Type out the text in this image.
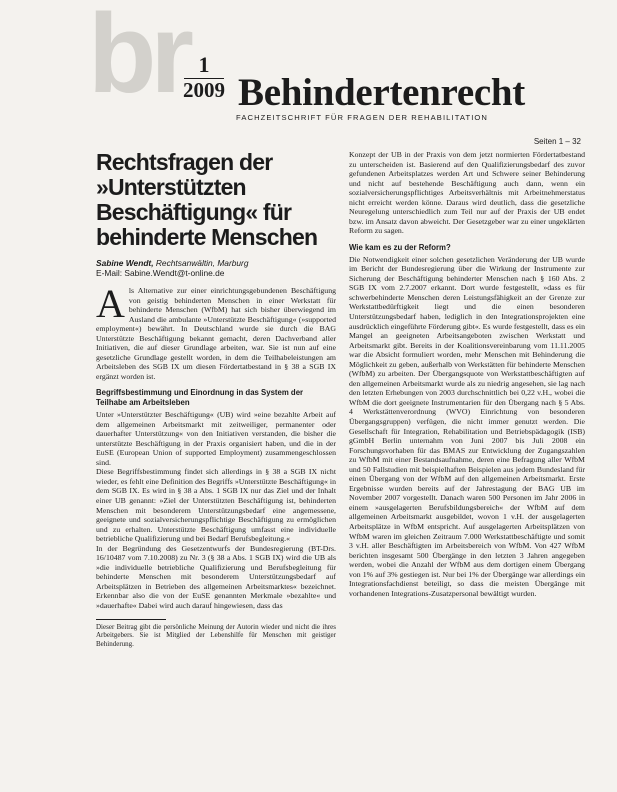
br 1
2009 Behindertenrecht
FACHZEITSCHRIFT FÜR FRAGEN DER REHABILITATION
Seiten 1 – 32
Rechtsfragen der »Unterstützten Beschäftigung« für behinderte Menschen

Sabine Wendt, Rechtsanwältin, Marburg

E-Mail: Sabine.Wendt@t-online.de

Als Alternative zur einer einrichtungsgebundenen Beschäftigung von geistig behinderten Menschen in einer Werkstatt für behinderte Menschen (WfbM) hat sich bisher überwiegend im Ausland die ambulante »Unterstützte Beschäftigung« (»supported employment«) bewährt. In Deutschland wurde sie durch die BAG Unterstützte Beschäftigung bekannt gemacht, deren Dachverband aller Initiativen, die auf dieser Grundlage arbeiten, war. Sie ist nun auf eine gesetzliche Grundlage gestellt worden, in dem die Teilhabeleistungen am Arbeitsleben des SGB IX um diesen Fördertatbestand in § 38 a SGB IX ergänzt worden ist.

Begriffsbestimmung und Einordnung in das System der Teilhabe am Arbeitsleben

Unter »Unterstützter Beschäftigung« (UB) wird »eine bezahlte Arbeit auf dem allgemeinen Arbeitsmarkt mit zeitweiliger, permanenter oder dauerhafter Unterstützung« von den Initiativen verstanden, die bisher die unterstützte Beschäftigung in der Praxis organisiert haben, und die in der EuSE (European Union of supported Employment) zusammengeschlossen sind.

Diese Begriffsbestimmung findet sich allerdings in § 38 a SGB IX nicht wieder, es fehlt eine Definition des Begriffs »Unterstützte Beschäftigung« in dem SGB IX. Es wird in § 38 a Abs. 1 SGB IX nur das Ziel und der Inhalt einer UB genannt: »Ziel der Unterstützten Beschäftigung ist, behinderten Menschen mit besonderem Unterstützungsbedarf eine angemessene, geeignete und sozialversicherungspflichtige Beschäftigung zu ermöglichen und zu erhalten. Unterstützte Beschäftigung umfasst eine individuelle betriebliche Qualifizierung und bei Bedarf Berufsbegleitung.«

In der Begründung des Gesetzentwurfs der Bundesregierung (BT-Drs. 16/10487 vom 7.10.2008) zu Nr. 3 (§ 38 a Abs. 1 SGB IX) wird die UB als »die individuelle betriebliche Qualifizierung und Berufsbegleitung für behinderte Menschen mit besonderem Unterstützungsbedarf auf Arbeitsplätzen in Betrieben des allgemeinen Arbeitsmarktes« bezeichnet. Erkennbar also die von der EuSE genannten Merkmale »bezahlte« und »dauerhafte« Dabei wird auch darauf hingewiesen, dass das

Dieser Beitrag gibt die persönliche Meinung der Autorin wieder und nicht die ihres Arbeitgebers. Sie ist Mitglied der Lebenshilfe für Menschen mit geistiger Behinderung.

Konzept der UB in der Praxis von dem jetzt normierten Fördertatbestand zu unterscheiden ist. Basierend auf den Qualifizierungsbedarf des zuvor gefundenen Arbeitsplatzes werden Art und Schwere seiner Behinderung und nicht auf bestehende Beschäftigung auch dann, wenn ein sozialversicherungspflichtiges Arbeitsverhältnis mit Arbeitnehmerstatus nicht erreicht werden könne. Daraus wird deutlich, dass die gesetzliche Neuregelung unterschiedlich zum Teil nur auf der Praxis der UB endet bzw. im Ansatz davon abweicht. Der Gesetzgeber war zu einer ungeklärten Reform zu sagen.

Wie kam es zu der Reform?

Die Notwendigkeit einer solchen gesetzlichen Veränderung der UB wurde im Bericht der Bundesregierung über die Wirkung der Instrumente zur Sicherung der Beschäftigung behinderter Menschen nach § 160 Abs. 2 SGB IX vom 2.7.2007 erkannt. Dort wurde festgestellt, »dass es für schwerbehinderte Menschen deren Leistungsfähigkeit an der Grenze zur Werkstattbedürftigkeit liegt und die einen besonderen Unterstützungsbedarf haben, lediglich in den Integrationsprojekten eine ausdrücklich eingeführte Förderung gibt«. Es wurde festgestellt, dass es ein Mangel an geeigneten Arbeitsangeboten zwischen Werkstatt und Arbeitsmarkt gibt. Bereits in der Koalitionsvereinbarung vom 11.11.2005 war die Absicht formuliert worden, mehr Menschen mit Behinderung die Möglichkeit zu geben, außerhalb von Werkstätten für behinderte Menschen (WfbM) zu arbeiten. Der Übergangsquote von Werkstattbeschäftigten auf den allgemeinen Arbeitsmarkt wurde als zu niedrig angesehen, sie lag nach den letzten Erhebungen von 2003 durchschnittlich bei 0,22 v.H., wobei die WfbM die dort geeignete Instrumentarien für den Übergang nach § 5 Abs. 4 Werkstättenverordnung (WVO) Einrichtung von besonderen Übergangsgruppen) verfügen, die nicht immer genutzt werden. Die Gesellschaft für Integration, Rehabilitation und Betriebspädagogik (ISB) gGmbH Berlin unternahm von Juni 2007 bis Juli 2008 ein Forschungsvorhaben für das BMAS zur Entwicklung der Zugangszahlen zu WfbM mit einer Bestandsaufnahme, deren eine Befragung aller WfbM und 50 Fallstudien mit beispielhaften Beispielen aus jedem Bundesland für einen Übergang von der WfbM auf den allgemeinen Arbeitsmarkt. Erste Ergebnisse wurden bereits auf der Jahrestagung der BAG UB im November 2007 vorgestellt. Danach waren 500 Personen im Jahr 2006 in einem »ausgelagerten Berufsbildungsbereich« der WfbM auf dem allgemeinen Arbeitsmarkt ausgebildet, wovon 1 v.H. der ausgelagerten Arbeitsplätze in WfbM entspricht. Auf ausgelagerten Arbeitsplätzen von WfbM waren im gleichen Zeitraum 7.000 Werkstattbeschäftigte und somit 3 v.H. aller Beschäftigten im Arbeitsbereich von WfbM. Von 427 WfbM berichten insgesamt 500 Übergänge in den letzten 3 Jahren angegeben werden, wobei die Anzahl der WfbM aus dem dortigen einem Übergang von 1% auf 3% gestiegen ist. Nur bei 1% der Übergänge war allerdings ein Integrationsfachdienst beteiligt, so dass die meisten Übergänge mit vorhandenen Integrations-Zusatzpersonal bewältigt wurden.
